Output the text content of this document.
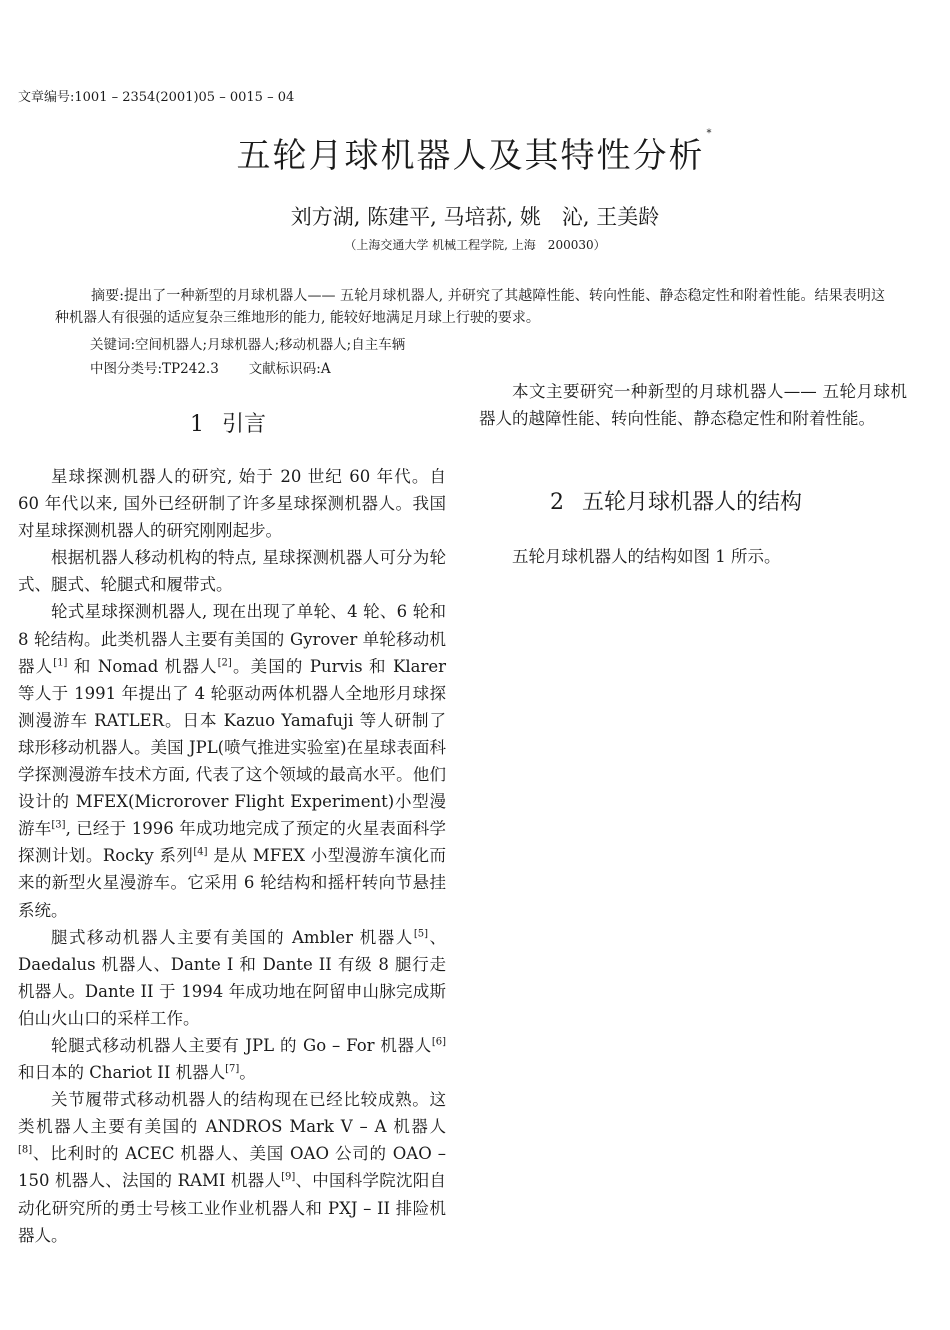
文章编号:1001 – 2354(2001)05 – 0015 – 04
五轮月球机器人及其特性分析*
刘方湖, 陈建平, 马培荪, 姚　沁, 王美龄
（上海交通大学 机械工程学院, 上海　200030）
摘要:提出了一种新型的月球机器人—— 五轮月球机器人, 并研究了其越障性能、转向性能、静态稳定性和附着性能。结果表明这种机器人有很强的适应复杂三维地形的能力, 能较好地满足月球上行驶的要求。
关键词:空间机器人;月球机器人;移动机器人;自主车辆
中图分类号:TP242.3 文献标识码:A
1 引言

星球探测机器人的研究, 始于 20 世纪 60 年代。自 60 年代以来, 国外已经研制了许多星球探测机器人。我国对星球探测机器人的研究刚刚起步。

根据机器人移动机构的特点, 星球探测机器人可分为轮式、腿式、轮腿式和履带式。

轮式星球探测机器人, 现在出现了单轮、4 轮、6 轮和 8 轮结构。此类机器人主要有美国的 Gyrover 单轮移动机器人[1] 和 Nomad 机器人[2]。美国的 Purvis 和 Klarer 等人于 1991 年提出了 4 轮驱动两体机器人全地形月球探测漫游车 RATLER。日本 Kazuo Yamafuji 等人研制了球形移动机器人。美国 JPL(喷气推进实验室)在星球表面科学探测漫游车技术方面, 代表了这个领域的最高水平。他们设计的 MFEX(Microrover Flight Experiment)小型漫游车[3], 已经于 1996 年成功地完成了预定的火星表面科学探测计划。Rocky 系列[4] 是从 MFEX 小型漫游车演化而来的新型火星漫游车。它采用 6 轮结构和摇杆转向节悬挂系统。

腿式移动机器人主要有美国的 Ambler 机器人[5]、Daedalus 机器人、Dante I 和 Dante II 有级 8 腿行走机器人。Dante II 于 1994 年成功地在阿留申山脉完成斯伯山火山口的采样工作。

轮腿式移动机器人主要有 JPL 的 Go – For 机器人[6] 和日本的 Chariot II 机器人[7]。

关节履带式移动机器人的结构现在已经比较成熟。这类机器人主要有美国的 ANDROS Mark V – A 机器人[8]、比利时的 ACEC 机器人、美国 OAO 公司的 OAO – 150 机器人、法国的 RAMI 机器人[9]、中国科学院沈阳自动化研究所的勇士号核工业作业机器人和 PXJ – II 排险机器人。

本文主要研究一种新型的月球机器人—— 五轮月球机器人的越障性能、转向性能、静态稳定性和附着性能。

2 五轮月球机器人的结构

五轮月球机器人的结构如图 1 所示。
